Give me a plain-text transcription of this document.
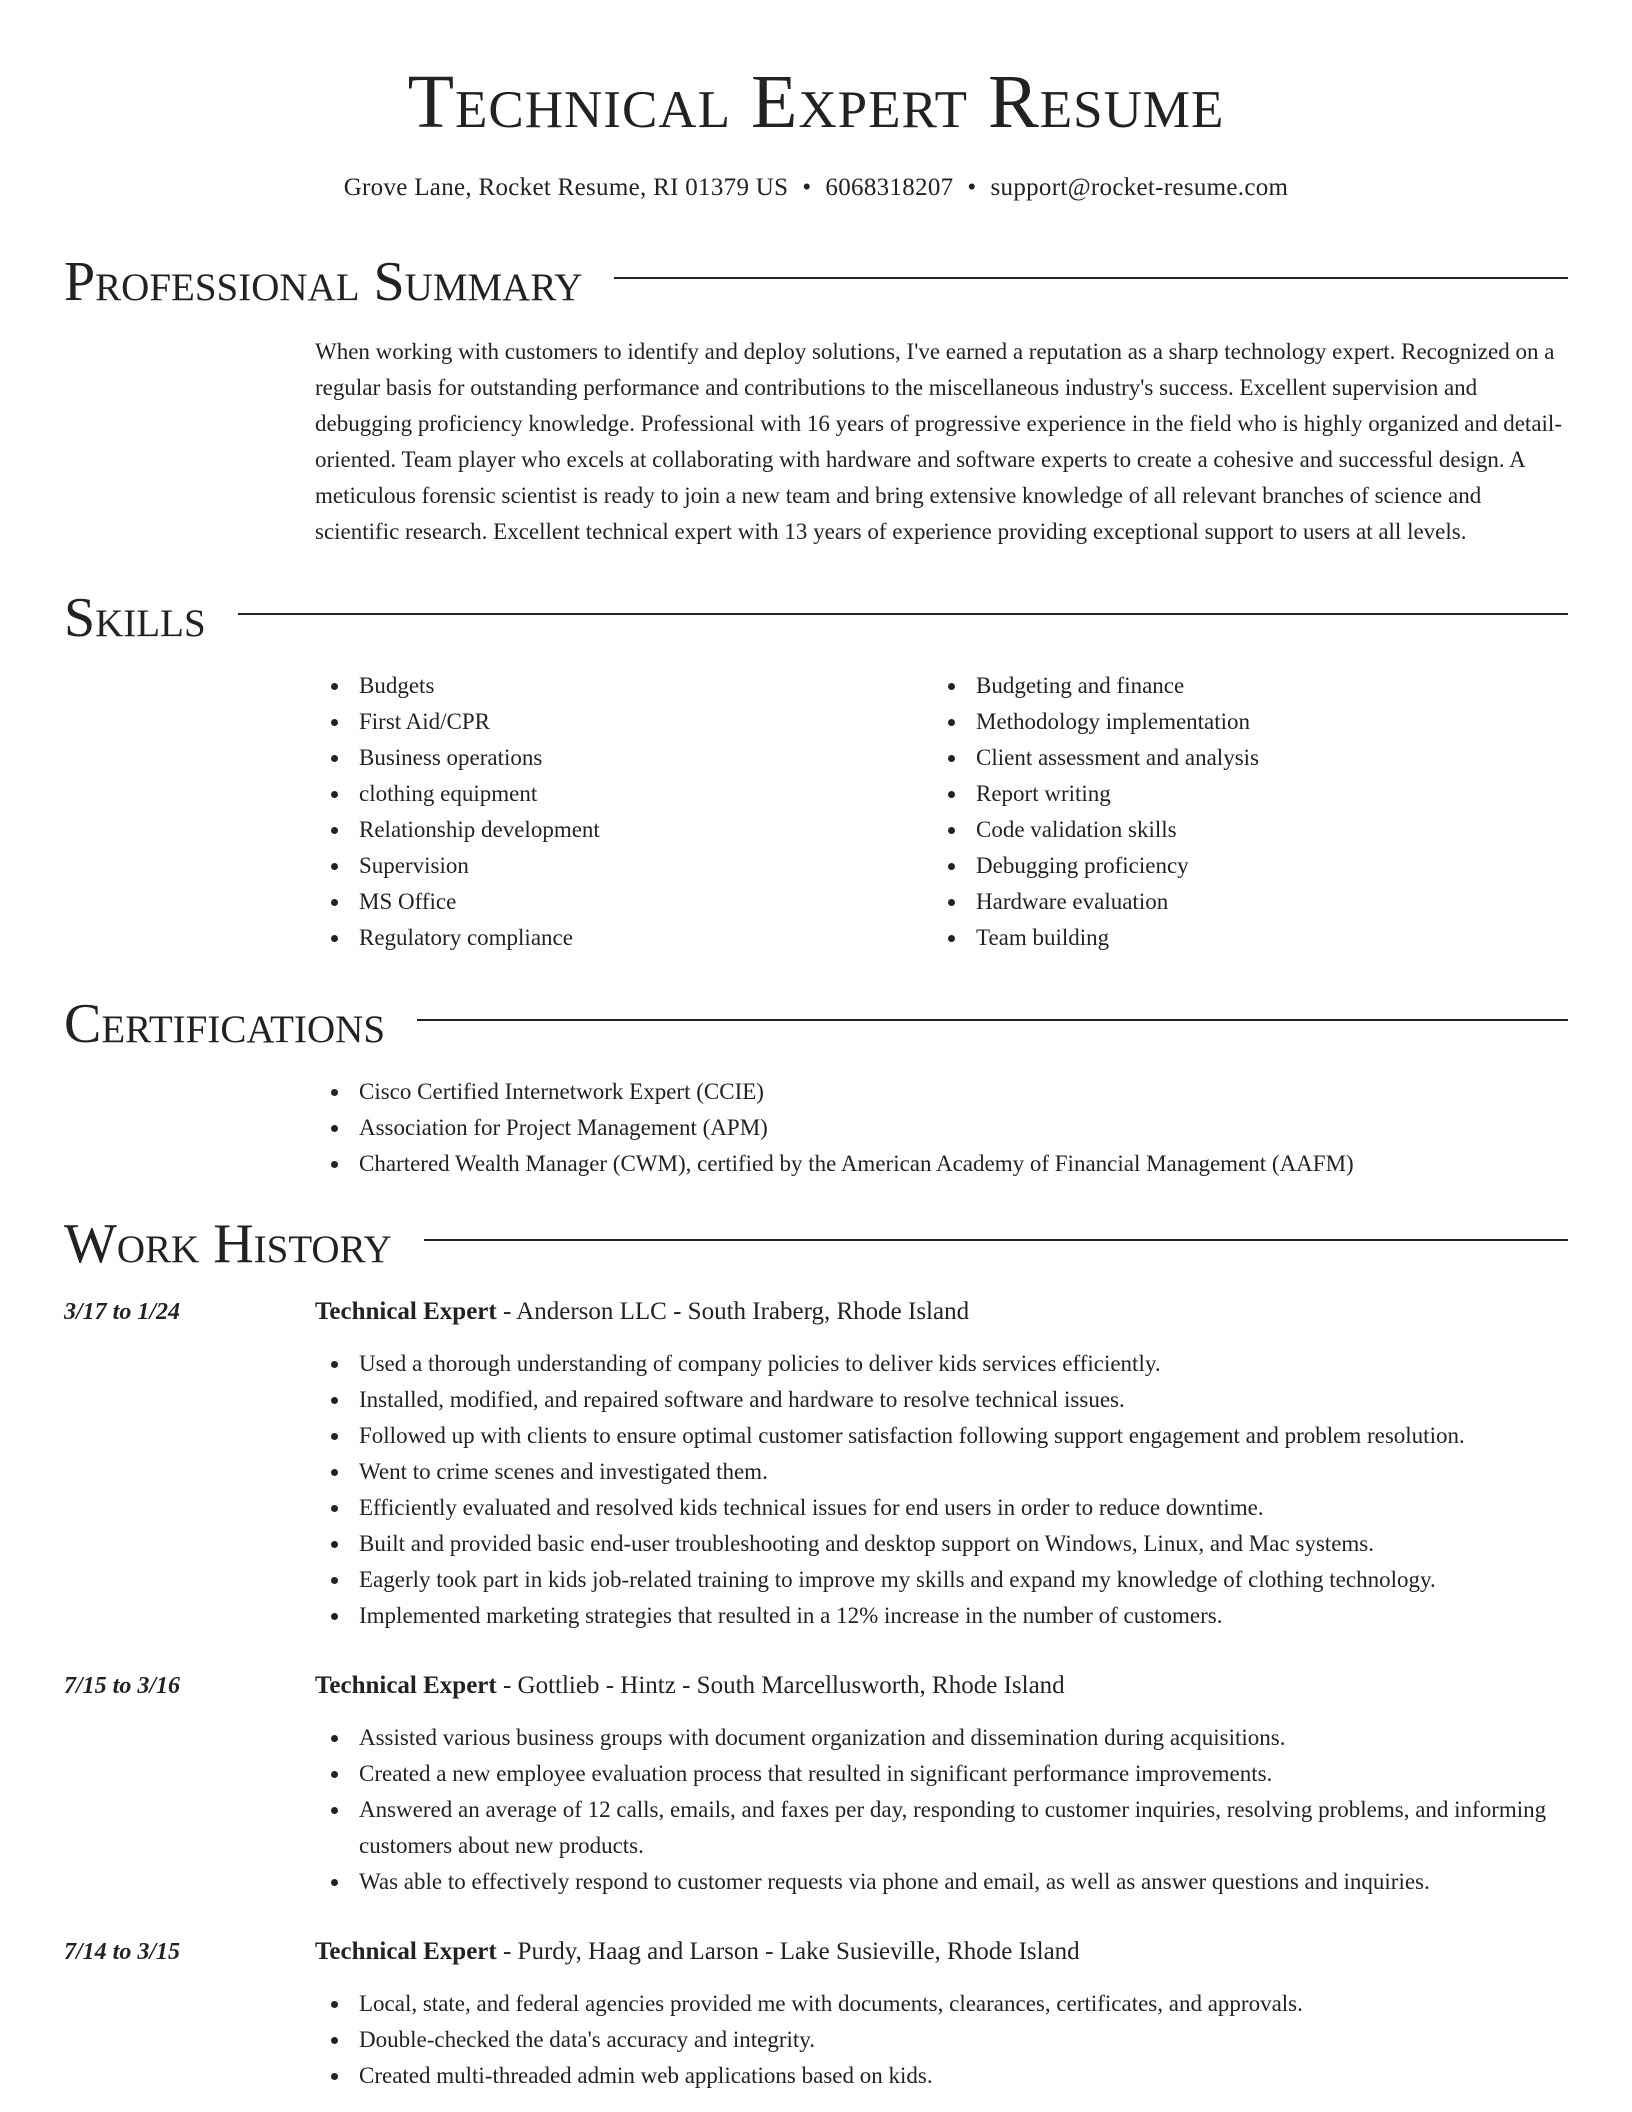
Technical Expert Resume
Grove Lane, Rocket Resume, RI 01379 US • 6068318207 • support@rocket-resume.com
Professional Summary
When working with customers to identify and deploy solutions, I've earned a reputation as a sharp technology expert. Recognized on a regular basis for outstanding performance and contributions to the miscellaneous industry's success. Excellent supervision and debugging proficiency knowledge. Professional with 16 years of progressive experience in the field who is highly organized and detail-oriented. Team player who excels at collaborating with hardware and software experts to create a cohesive and successful design. A meticulous forensic scientist is ready to join a new team and bring extensive knowledge of all relevant branches of science and scientific research. Excellent technical expert with 13 years of experience providing exceptional support to users at all levels.
Skills
Budgets
First Aid/CPR
Business operations
clothing equipment
Relationship development
Supervision
MS Office
Regulatory compliance
Budgeting and finance
Methodology implementation
Client assessment and analysis
Report writing
Code validation skills
Debugging proficiency
Hardware evaluation
Team building
Certifications
Cisco Certified Internetwork Expert (CCIE)
Association for Project Management (APM)
Chartered Wealth Manager (CWM), certified by the American Academy of Financial Management (AAFM)
Work History
3/17 to 1/24	Technical Expert - Anderson LLC - South Iraberg, Rhode Island
Used a thorough understanding of company policies to deliver kids services efficiently.
Installed, modified, and repaired software and hardware to resolve technical issues.
Followed up with clients to ensure optimal customer satisfaction following support engagement and problem resolution.
Went to crime scenes and investigated them.
Efficiently evaluated and resolved kids technical issues for end users in order to reduce downtime.
Built and provided basic end-user troubleshooting and desktop support on Windows, Linux, and Mac systems.
Eagerly took part in kids job-related training to improve my skills and expand my knowledge of clothing technology.
Implemented marketing strategies that resulted in a 12% increase in the number of customers.
7/15 to 3/16	Technical Expert - Gottlieb - Hintz - South Marcellusworth, Rhode Island
Assisted various business groups with document organization and dissemination during acquisitions.
Created a new employee evaluation process that resulted in significant performance improvements.
Answered an average of 12 calls, emails, and faxes per day, responding to customer inquiries, resolving problems, and informing customers about new products.
Was able to effectively respond to customer requests via phone and email, as well as answer questions and inquiries.
7/14 to 3/15	Technical Expert - Purdy, Haag and Larson - Lake Susieville, Rhode Island
Local, state, and federal agencies provided me with documents, clearances, certificates, and approvals.
Double-checked the data's accuracy and integrity.
Created multi-threaded admin web applications based on kids.
